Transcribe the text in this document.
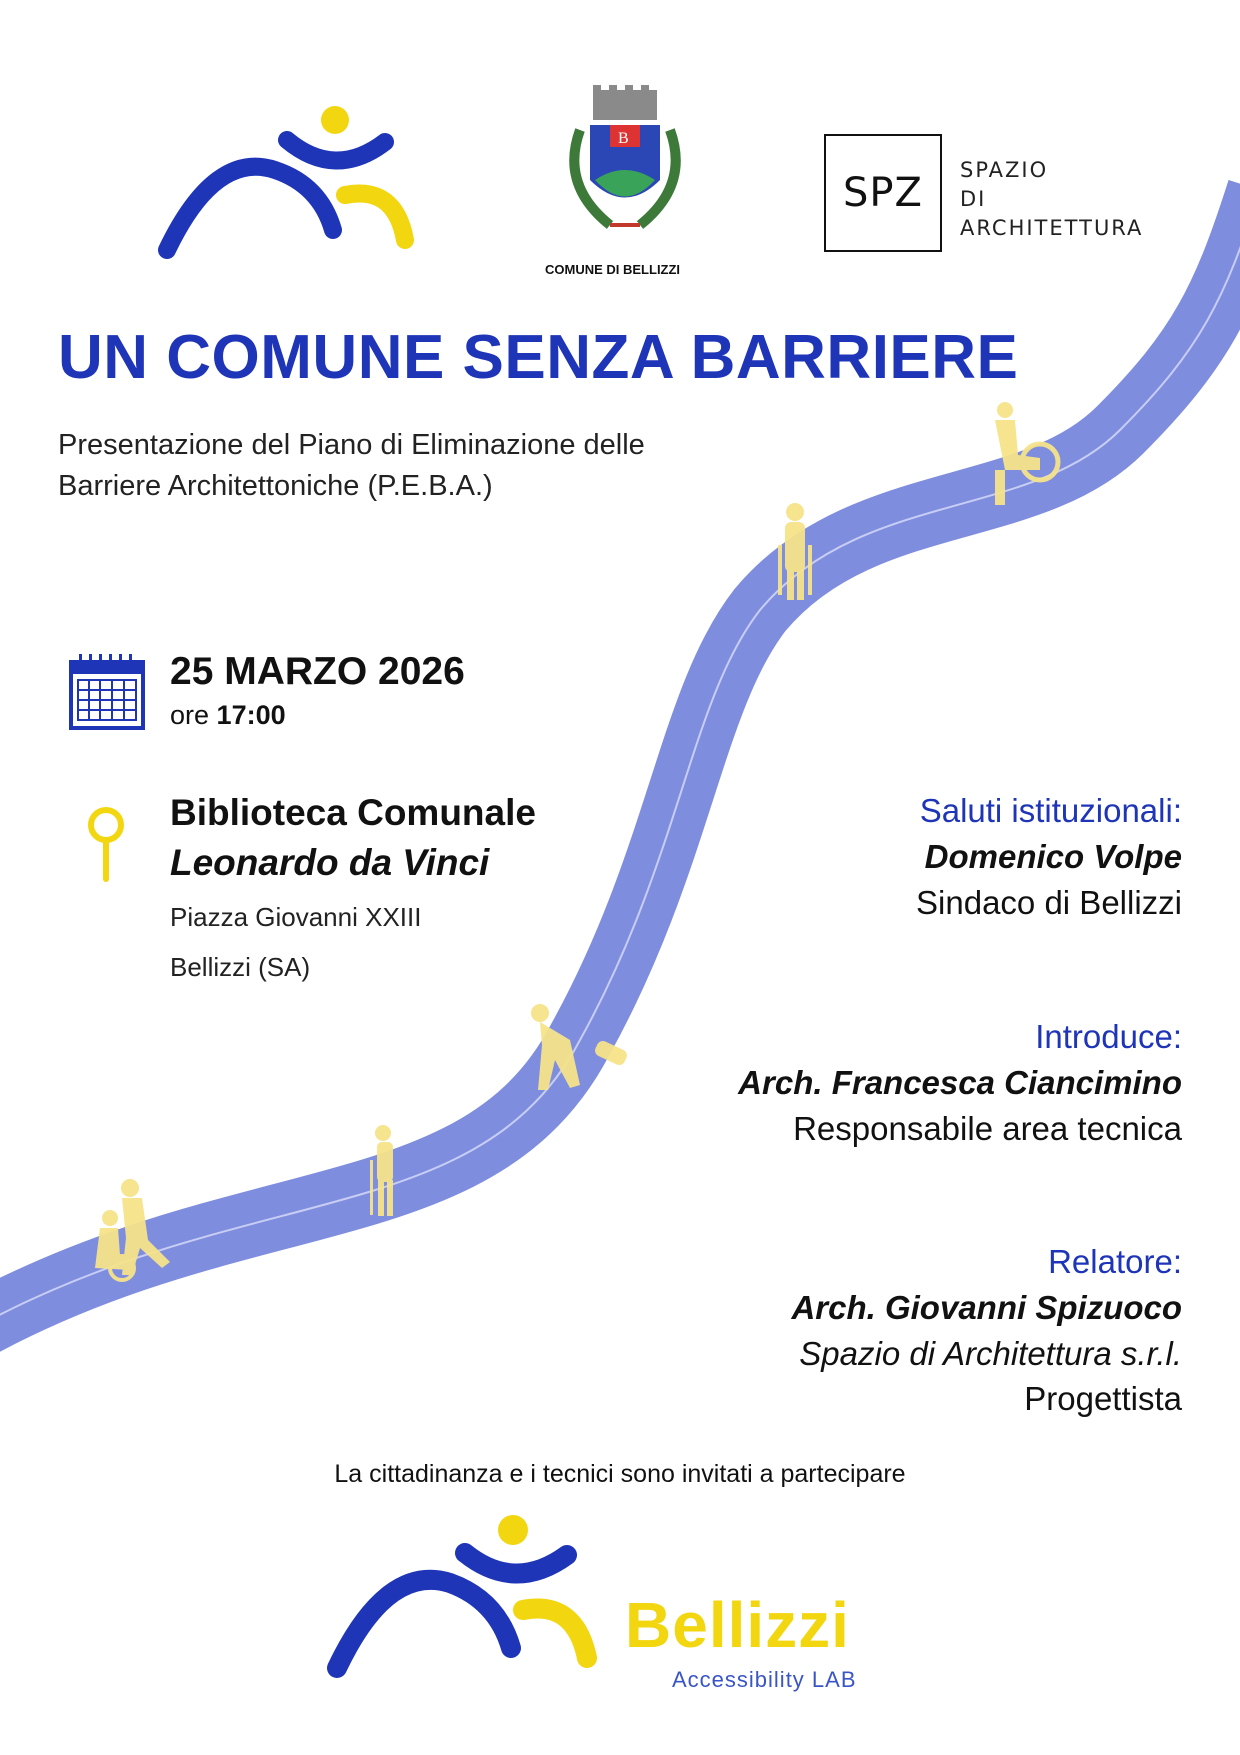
B
COMUNE DI BELLIZZI
SPZ	SPAZIO
DI
ARCHITETTURA
UN COMUNE SENZA BARRIERE
Presentazione del Piano di Eliminazione delle
Barriere Architettoniche (P.E.B.A.)
25 MARZO 2026
ore 17:00
Biblioteca Comunale
Leonardo da Vinci
Piazza Giovanni XXIII
Bellizzi (SA)
Saluti istituzionali:
Domenico Volpe
Sindaco di Bellizzi
Introduce:
Arch. Francesca Ciancimino
Responsabile area tecnica
Relatore:
Arch. Giovanni Spizuoco
Spazio di Architettura s.r.l.
Progettista
La cittadinanza e i tecnici sono invitati a partecipare
Bellizzi
Accessibility LAB
